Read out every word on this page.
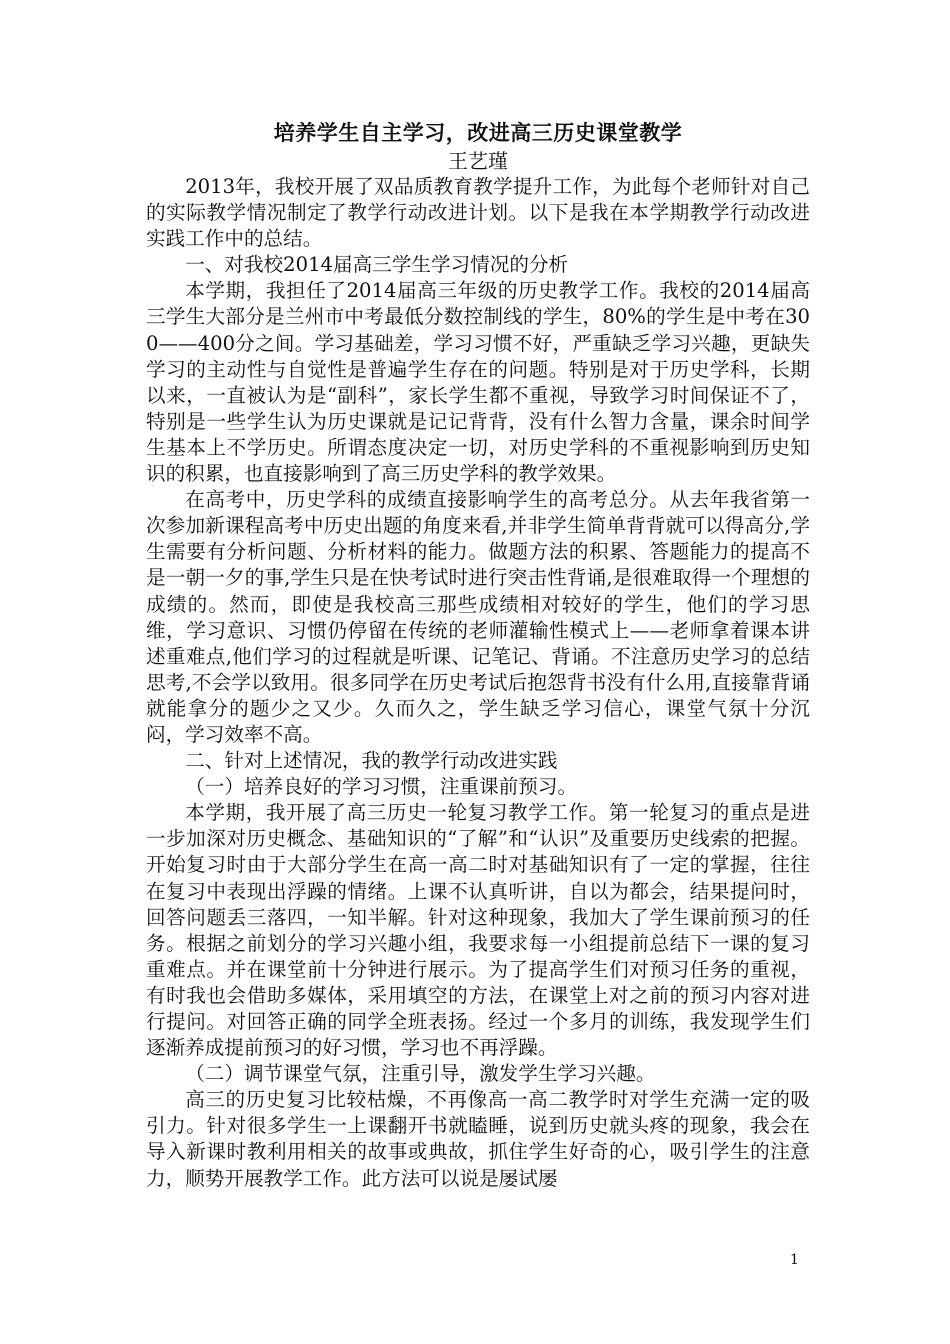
培养学生自主学习，改进高三历史课堂教学
王艺瑾

2013年，我校开展了双品质教育教学提升工作，为此每个老师针对自己的实际教学情况制定了教学行动改进计划。以下是我在本学期教学行动改进实践工作中的总结。

一、对我校2014届高三学生学习情况的分析

本学期，我担任了2014届高三年级的历史教学工作。我校的2014届高三学生大部分是兰州市中考最低分数控制线的学生，80%的学生是中考在300——400分之间。学习基础差，学习习惯不好，严重缺乏学习兴趣，更缺失学习的主动性与自觉性是普遍学生存在的问题。特别是对于历史学科，长期以来，一直被认为是“副科”，家长学生都不重视，导致学习时间保证不了，特别是一些学生认为历史课就是记记背背，没有什么智力含量，课余时间学生基本上不学历史。所谓态度决定一切，对历史学科的不重视影响到历史知识的积累，也直接影响到了高三历史学科的教学效果。

在高考中，历史学科的成绩直接影响学生的高考总分。从去年我省第一次参加新课程高考中历史出题的角度来看,并非学生简单背背就可以得高分,学生需要有分析问题、分析材料的能力。做题方法的积累、答题能力的提高不是一朝一夕的事,学生只是在快考试时进行突击性背诵,是很难取得一个理想的成绩的。然而，即使是我校高三那些成绩相对较好的学生，他们的学习思维，学习意识、习惯仍停留在传统的老师灌输性模式上——老师拿着课本讲述重难点,他们学习的过程就是听课、记笔记、背诵。不注意历史学习的总结思考,不会学以致用。很多同学在历史考试后抱怨背书没有什么用,直接靠背诵就能拿分的题少之又少。久而久之，学生缺乏学习信心，课堂气氛十分沉闷，学习效率不高。

二、针对上述情况，我的教学行动改进实践

（一）培养良好的学习习惯，注重课前预习。

本学期，我开展了高三历史一轮复习教学工作。第一轮复习的重点是进一步加深对历史概念、基础知识的“了解”和“认识”及重要历史线索的把握。开始复习时由于大部分学生在高一高二时对基础知识有了一定的掌握，往往在复习中表现出浮躁的情绪。上课不认真听讲，自以为都会，结果提问时，回答问题丢三落四，一知半解。针对这种现象，我加大了学生课前预习的任务。根据之前划分的学习兴趣小组，我要求每一小组提前总结下一课的复习重难点。并在课堂前十分钟进行展示。为了提高学生们对预习任务的重视，有时我也会借助多媒体，采用填空的方法，在课堂上对之前的预习内容对进行提问。对回答正确的同学全班表扬。经过一个多月的训练，我发现学生们逐渐养成提前预习的好习惯，学习也不再浮躁。

（二）调节课堂气氛，注重引导，激发学生学习兴趣。

高三的历史复习比较枯燥，不再像高一高二教学时对学生充满一定的吸引力。针对很多学生一上课翻开书就瞌睡，说到历史就头疼的现象，我会在导入新课时教利用相关的故事或典故，抓住学生好奇的心，吸引学生的注意力，顺势开展教学工作。此方法可以说是屡试屡

1
